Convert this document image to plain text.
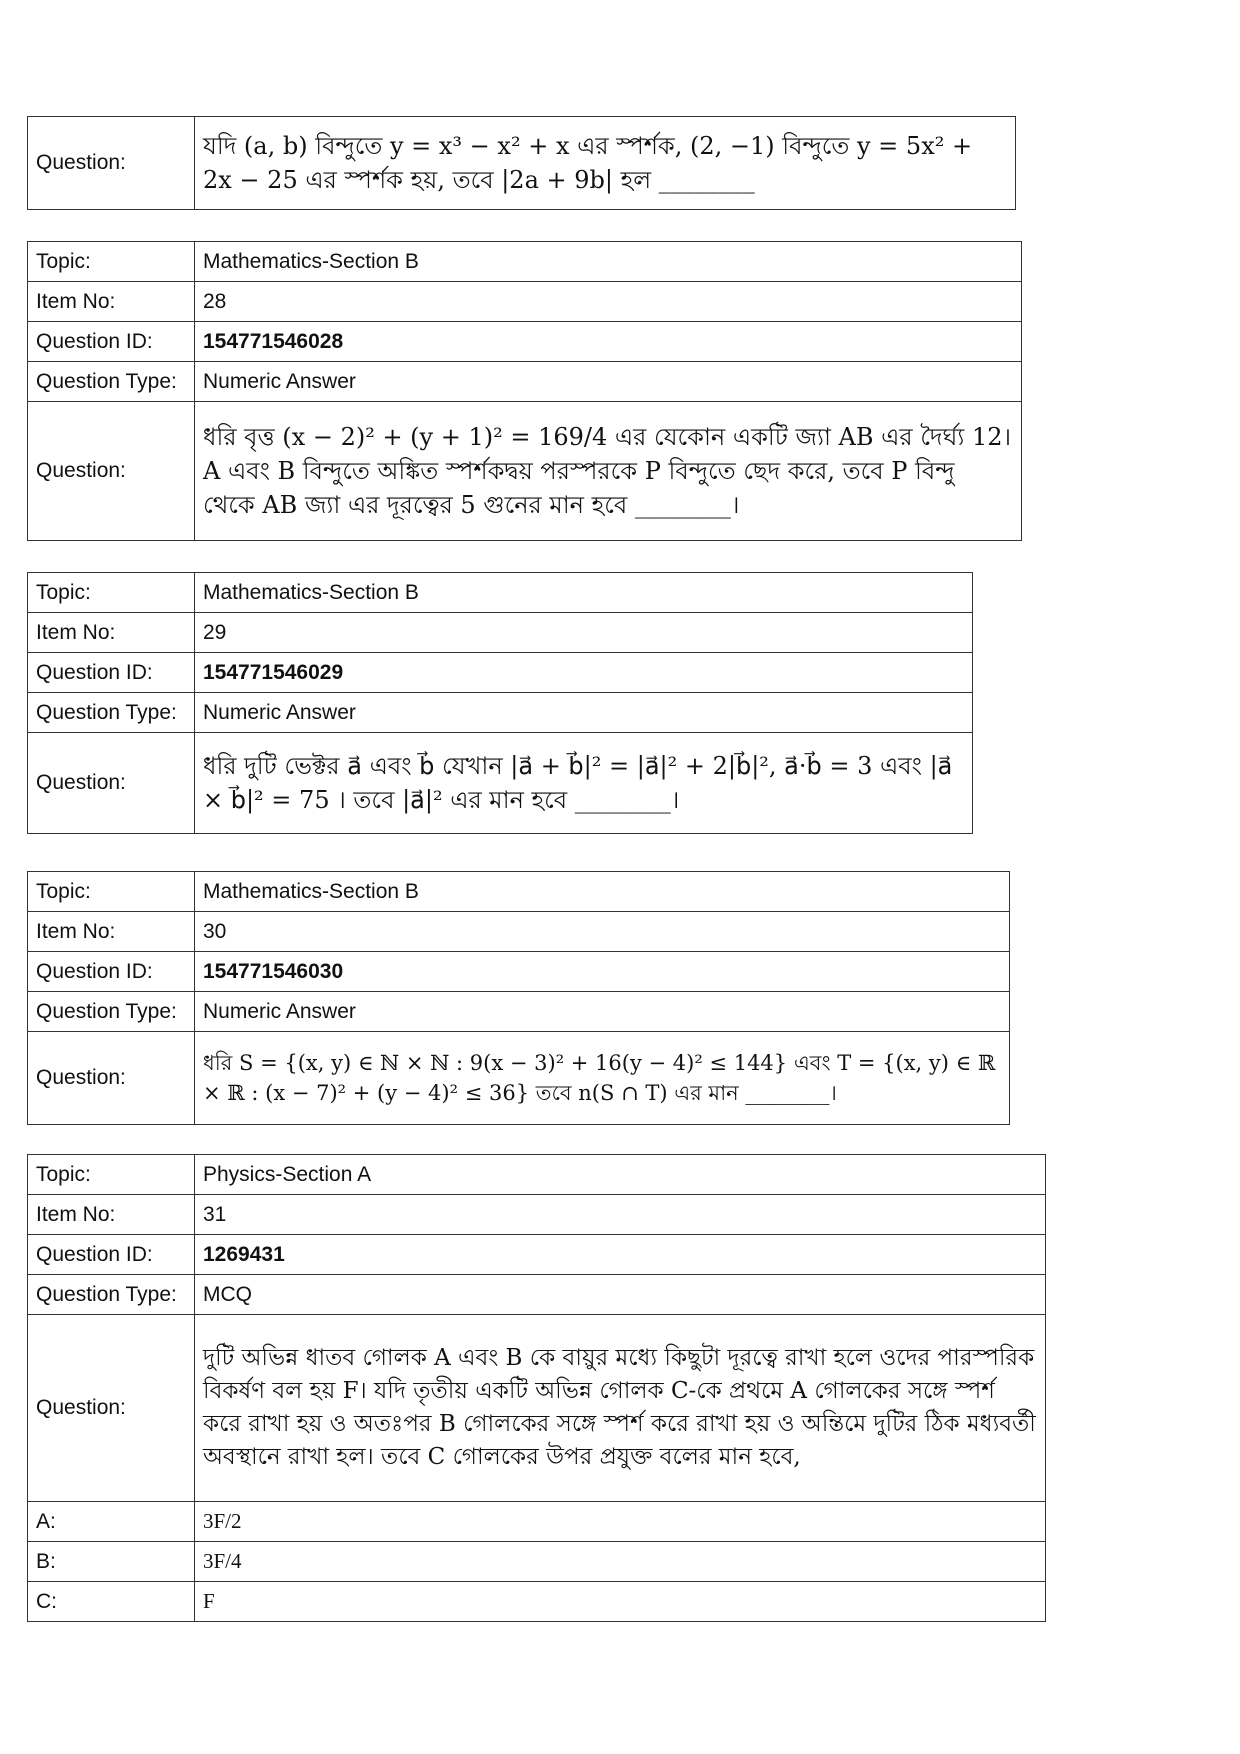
Question:	
যদি (a, b) বিন্দুতে y = x³ − x² + x এর স্পর্শক, (2, −1) বিন্দুতে y = 5x² + 2x − 25 এর স্পর্শক হয়, তবে |2a + 9b| হল ________
Topic:	Mathematics-Section B
Item No:	28
Question ID:	154771546028
Question Type:	Numeric Answer
Question:	ধরি বৃত্ত (x − 2)² + (y + 1)² = 169/4 এর যেকোন একটি জ্যা AB এর দৈর্ঘ্য 12। A এবং B বিন্দুতে অঙ্কিত স্পর্শকদ্বয় পরস্পরকে P বিন্দুতে ছেদ করে, তবে P বিন্দু থেকে AB জ্যা এর দূরত্বের 5 গুনের মান হবে ________।
Topic:	Mathematics-Section B
Item No:	29
Question ID:	154771546029
Question Type:	Numeric Answer
Question:	ধরি দুটি ভেক্টর a⃗ এবং b⃗ যেখান |a⃗ + b⃗|² = |a⃗|² + 2|b⃗|², a⃗·b⃗ = 3 এবং |a⃗ × b⃗|² = 75 । তবে |a⃗|² এর মান হবে ________।
Topic:	Mathematics-Section B
Item No:	30
Question ID:	154771546030
Question Type:	Numeric Answer
Question:	ধরি S = {(x, y) ∈ ℕ × ℕ : 9(x − 3)² + 16(y − 4)² ≤ 144} এবং T = {(x, y) ∈ ℝ × ℝ : (x − 7)² + (y − 4)² ≤ 36} তবে n(S ∩ T) এর মান ________।
Topic:	Physics-Section A
Item No:	31
Question ID:	1269431
Question Type:	MCQ
Question:	দুটি অভিন্ন ধাতব গোলক A এবং B কে বায়ুর মধ্যে কিছুটা দূরত্বে রাখা হলে ওদের পারস্পরিক বিকর্ষণ বল হয় F। যদি তৃতীয় একটি অভিন্ন গোলক C-কে প্রথমে A গোলকের সঙ্গে স্পর্শ করে রাখা হয় ও অতঃপর B গোলকের সঙ্গে স্পর্শ করে রাখা হয় ও অন্তিমে দুটির ঠিক মধ্যবর্তী অবস্থানে রাখা হল। তবে C গোলকের উপর প্রযুক্ত বলের মান হবে,

A:	3F/2
B:	3F/4
C:	F
